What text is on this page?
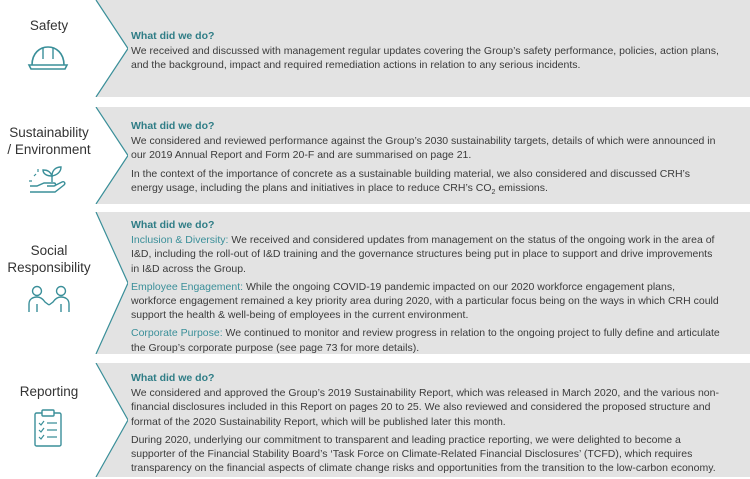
Safety
What did we do?
We received and discussed with management regular updates covering the Group’s safety performance, policies, action plans, and the background, impact and required remediation actions in relation to any serious incidents.
Sustainability
/ Environment
What did we do?
We considered and reviewed performance against the Group’s 2030 sustainability targets, details of which were announced in our 2019 Annual Report and Form 20-F and are summarised on page 21.
In the context of the importance of concrete as a sustainable building material, we also considered and discussed CRH’s energy usage, including the plans and initiatives in place to reduce CRH’s $CO_2$ emissions.
Social
Responsibility
What did we do?
Inclusion & Diversity: We received and considered updates from management on the status of the ongoing work in the area of I&D, including the roll-out of I&D training and the governance structures being put in place to support and drive improvements in I&D across the Group.
Employee Engagement: While the ongoing COVID-19 pandemic impacted on our 2020 workforce engagement plans, workforce engagement remained a key priority area during 2020, with a particular focus being on the ways in which CRH could support the health & well-being of employees in the current environment.
Corporate Purpose: We continued to monitor and review progress in relation to the ongoing project to fully define and articulate the Group’s corporate purpose (see page 73 for more details).
Reporting
What did we do?
We considered and approved the Group’s 2019 Sustainability Report, which was released in March 2020, and the various non-financial disclosures included in this Report on pages 20 to 25. We also reviewed and considered the proposed structure and format of the 2020 Sustainability Report, which will be published later this month.
During 2020, underlying our commitment to transparent and leading practice reporting, we were delighted to become a supporter of the Financial Stability Board’s ‘Task Force on Climate-Related Financial Disclosures’ (TCFD), which requires transparency on the financial aspects of climate change risks and opportunities from the transition to the low-carbon economy.
